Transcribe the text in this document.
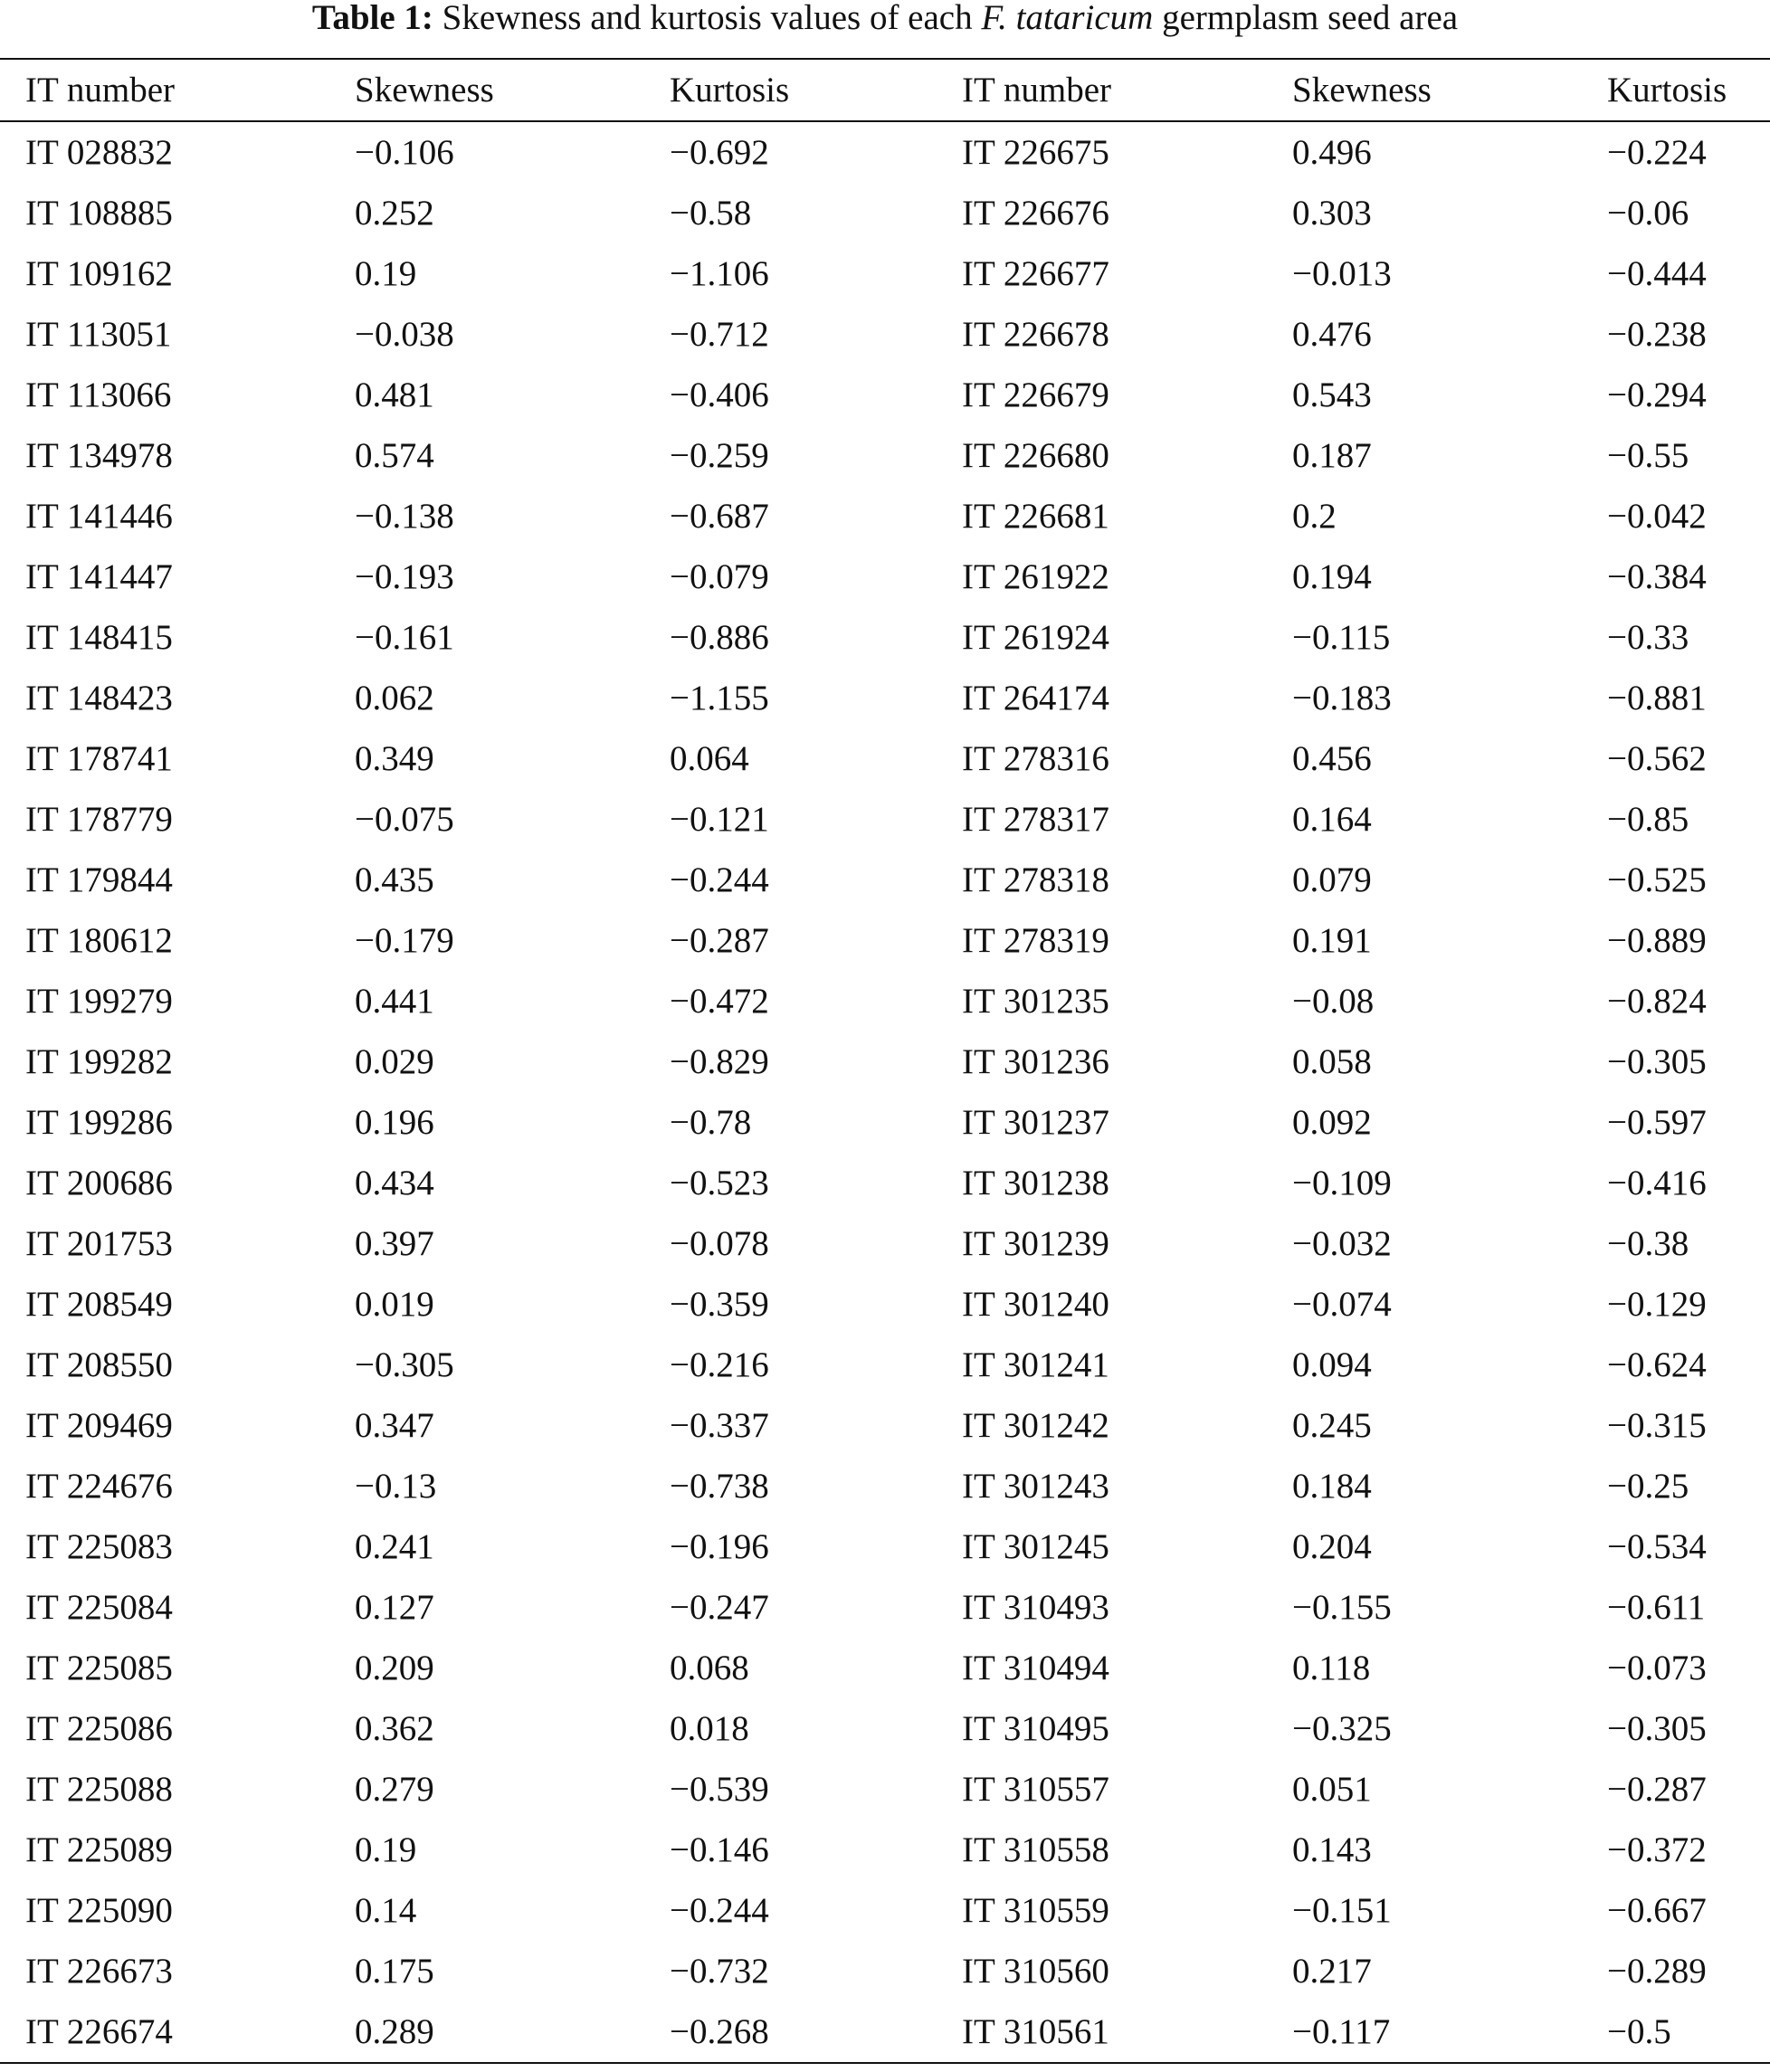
Table 1: Skewness and kurtosis values of each F. tataricum germplasm seed area
IT number	Skewness	Kurtosis	IT number	Skewness	Kurtosis
IT 028832	−0.106	−0.692	IT 226675	0.496	−0.224
IT 108885	0.252	−0.58	IT 226676	0.303	−0.06
IT 109162	0.19	−1.106	IT 226677	−0.013	−0.444
IT 113051	−0.038	−0.712	IT 226678	0.476	−0.238
IT 113066	0.481	−0.406	IT 226679	0.543	−0.294
IT 134978	0.574	−0.259	IT 226680	0.187	−0.55
IT 141446	−0.138	−0.687	IT 226681	0.2	−0.042
IT 141447	−0.193	−0.079	IT 261922	0.194	−0.384
IT 148415	−0.161	−0.886	IT 261924	−0.115	−0.33
IT 148423	0.062	−1.155	IT 264174	−0.183	−0.881
IT 178741	0.349	0.064	IT 278316	0.456	−0.562
IT 178779	−0.075	−0.121	IT 278317	0.164	−0.85
IT 179844	0.435	−0.244	IT 278318	0.079	−0.525
IT 180612	−0.179	−0.287	IT 278319	0.191	−0.889
IT 199279	0.441	−0.472	IT 301235	−0.08	−0.824
IT 199282	0.029	−0.829	IT 301236	0.058	−0.305
IT 199286	0.196	−0.78	IT 301237	0.092	−0.597
IT 200686	0.434	−0.523	IT 301238	−0.109	−0.416
IT 201753	0.397	−0.078	IT 301239	−0.032	−0.38
IT 208549	0.019	−0.359	IT 301240	−0.074	−0.129
IT 208550	−0.305	−0.216	IT 301241	0.094	−0.624
IT 209469	0.347	−0.337	IT 301242	0.245	−0.315
IT 224676	−0.13	−0.738	IT 301243	0.184	−0.25
IT 225083	0.241	−0.196	IT 301245	0.204	−0.534
IT 225084	0.127	−0.247	IT 310493	−0.155	−0.611
IT 225085	0.209	0.068	IT 310494	0.118	−0.073
IT 225086	0.362	0.018	IT 310495	−0.325	−0.305
IT 225088	0.279	−0.539	IT 310557	0.051	−0.287
IT 225089	0.19	−0.146	IT 310558	0.143	−0.372
IT 225090	0.14	−0.244	IT 310559	−0.151	−0.667
IT 226673	0.175	−0.732	IT 310560	0.217	−0.289
IT 226674	0.289	−0.268	IT 310561	−0.117	−0.5
